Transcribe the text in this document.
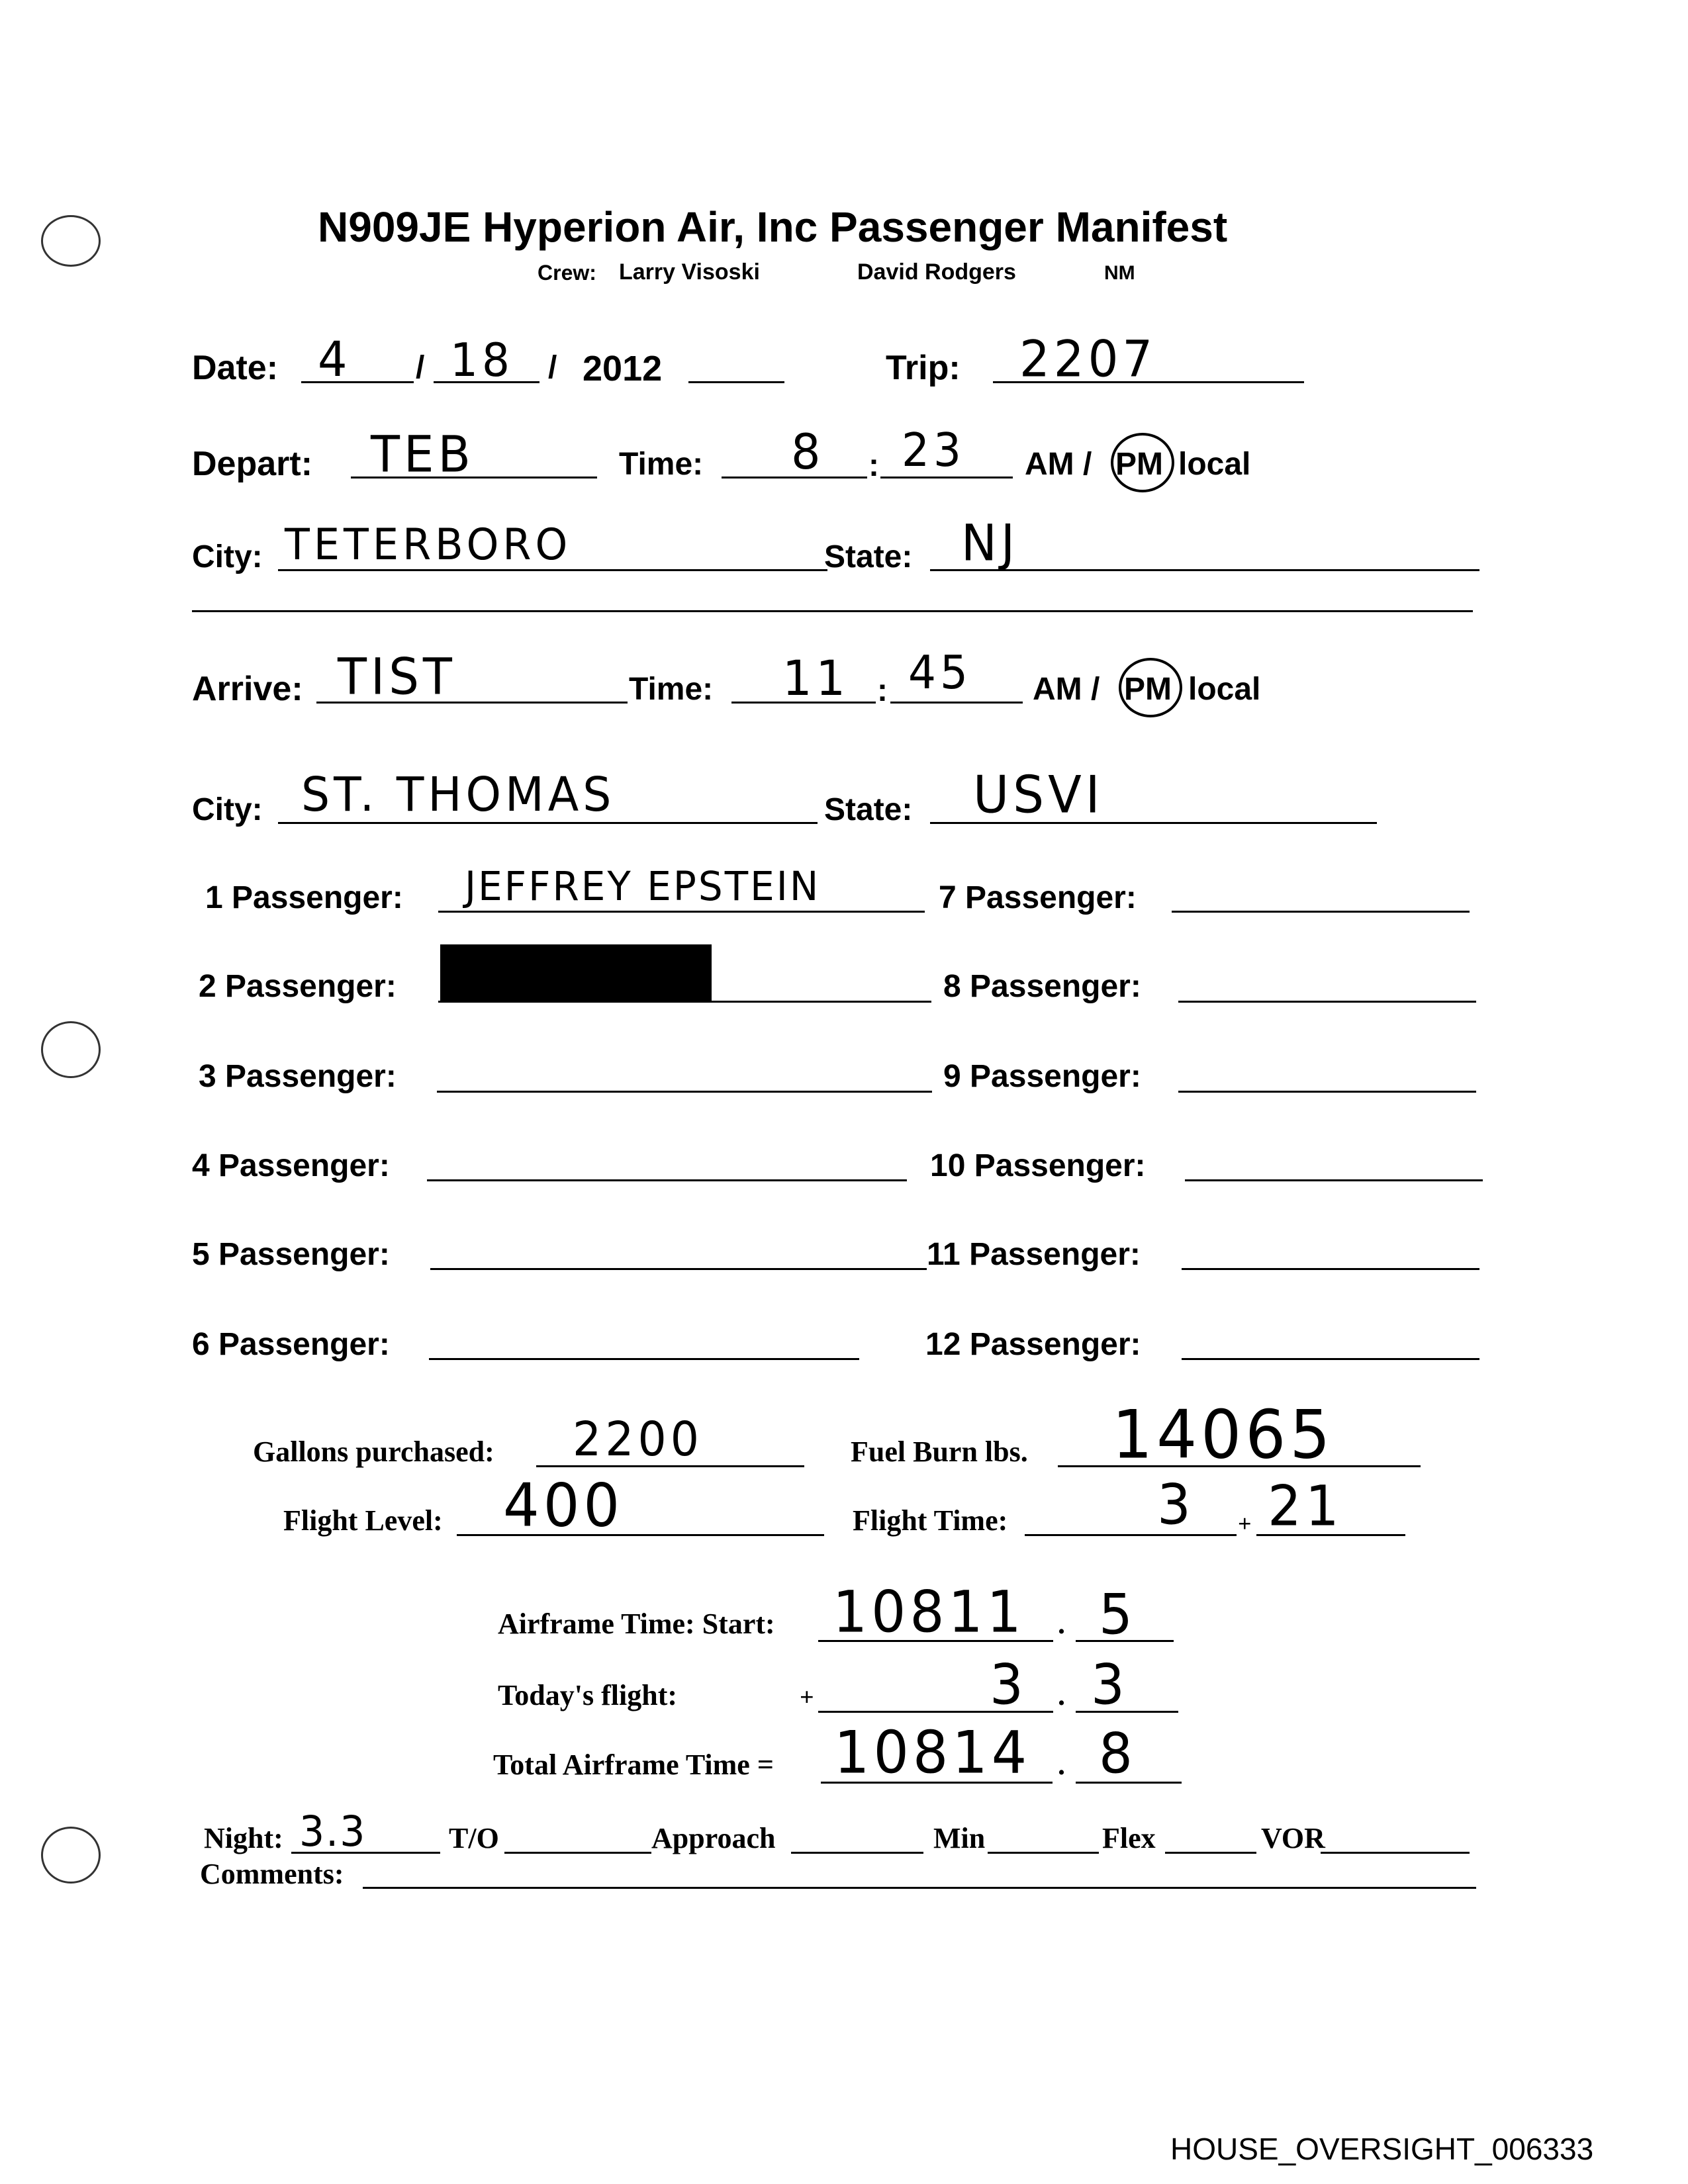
N909JE Hyperion Air, Inc Passenger Manifest
Crew: Larry Visoski	David Rodgers	NM
Date: 4 / 18 / 2012	Trip: 2207
Depart: TEB	Time: 8 : 23 AM / PM local
City: TETERBORO	State: NJ
Arrive: TIST	Time: 11 : 45 AM / PM local
City: ST. THOMAS	State: USVI
1 Passenger: JEFFREY EPSTEIN
2 Passenger:
3 Passenger:
4 Passenger:
5 Passenger:
6 Passenger:
7 Passenger:
8 Passenger:
9 Passenger:
10 Passenger:
11 Passenger:
12 Passenger:
Gallons purchased: 2200	Fuel Burn lbs. 14065
Flight Level: 400	Flight Time:	3 + 21
Airframe Time: Start: 10811 . 5
Today's flight:	+	3 . 3
Total Airframe Time = 10814 . 8
Night: 3.3	T/O	Approach	Min	Flex	VOR
Comments:
HOUSE_OVERSIGHT_006333
